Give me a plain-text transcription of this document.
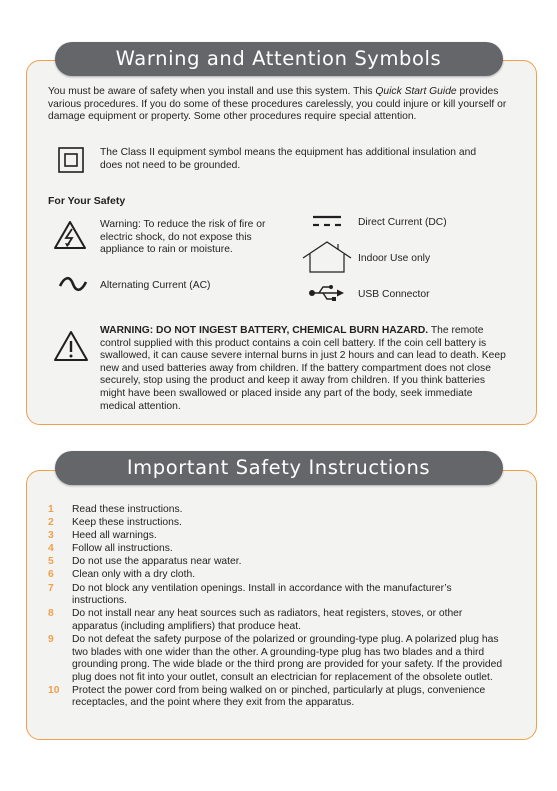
Warning and Attention Symbols
You must be aware of safety when you install and use this system. This Quick Start Guide provides various procedures. If you do some of these procedures carelessly, you could injure or kill yourself or damage equipment or property. Some other procedures require special attention.
The Class II equipment symbol means the equipment has additional insulation and does not need to be grounded.
For Your Safety
Warning: To reduce the risk of fire or electric shock, do not expose this appliance to rain or moisture.
Alternating Current (AC)
Direct Current (DC)
Indoor Use only
USB Connector
WARNING: DO NOT INGEST BATTERY, CHEMICAL BURN HAZARD. The remote control supplied with this product contains a coin cell battery. If the coin cell battery is swallowed, it can cause severe internal burns in just 2 hours and can lead to death. Keep new and used batteries away from children. If the battery compartment does not close securely, stop using the product and keep it away from children. If you think batteries might have been swallowed or placed inside any part of the body, seek immediate medical attention.
Important Safety Instructions
1 Read these instructions.
2 Keep these instructions.
3 Heed all warnings.
4 Follow all instructions.
5 Do not use the apparatus near water.
6 Clean only with a dry cloth.
7 Do not block any ventilation openings. Install in accordance with the manufacturer’s instructions.
8 Do not install near any heat sources such as radiators, heat registers, stoves, or other apparatus (including amplifiers) that produce heat.
9 Do not defeat the safety purpose of the polarized or grounding-type plug. A polarized plug has two blades with one wider than the other. A grounding-type plug has two blades and a third grounding prong. The wide blade or the third prong are provided for your safety. If the provided plug does not fit into your outlet, consult an electrician for replacement of the obsolete outlet.
10 Protect the power cord from being walked on or pinched, particularly at plugs, convenience receptacles, and the point where they exit from the apparatus.
